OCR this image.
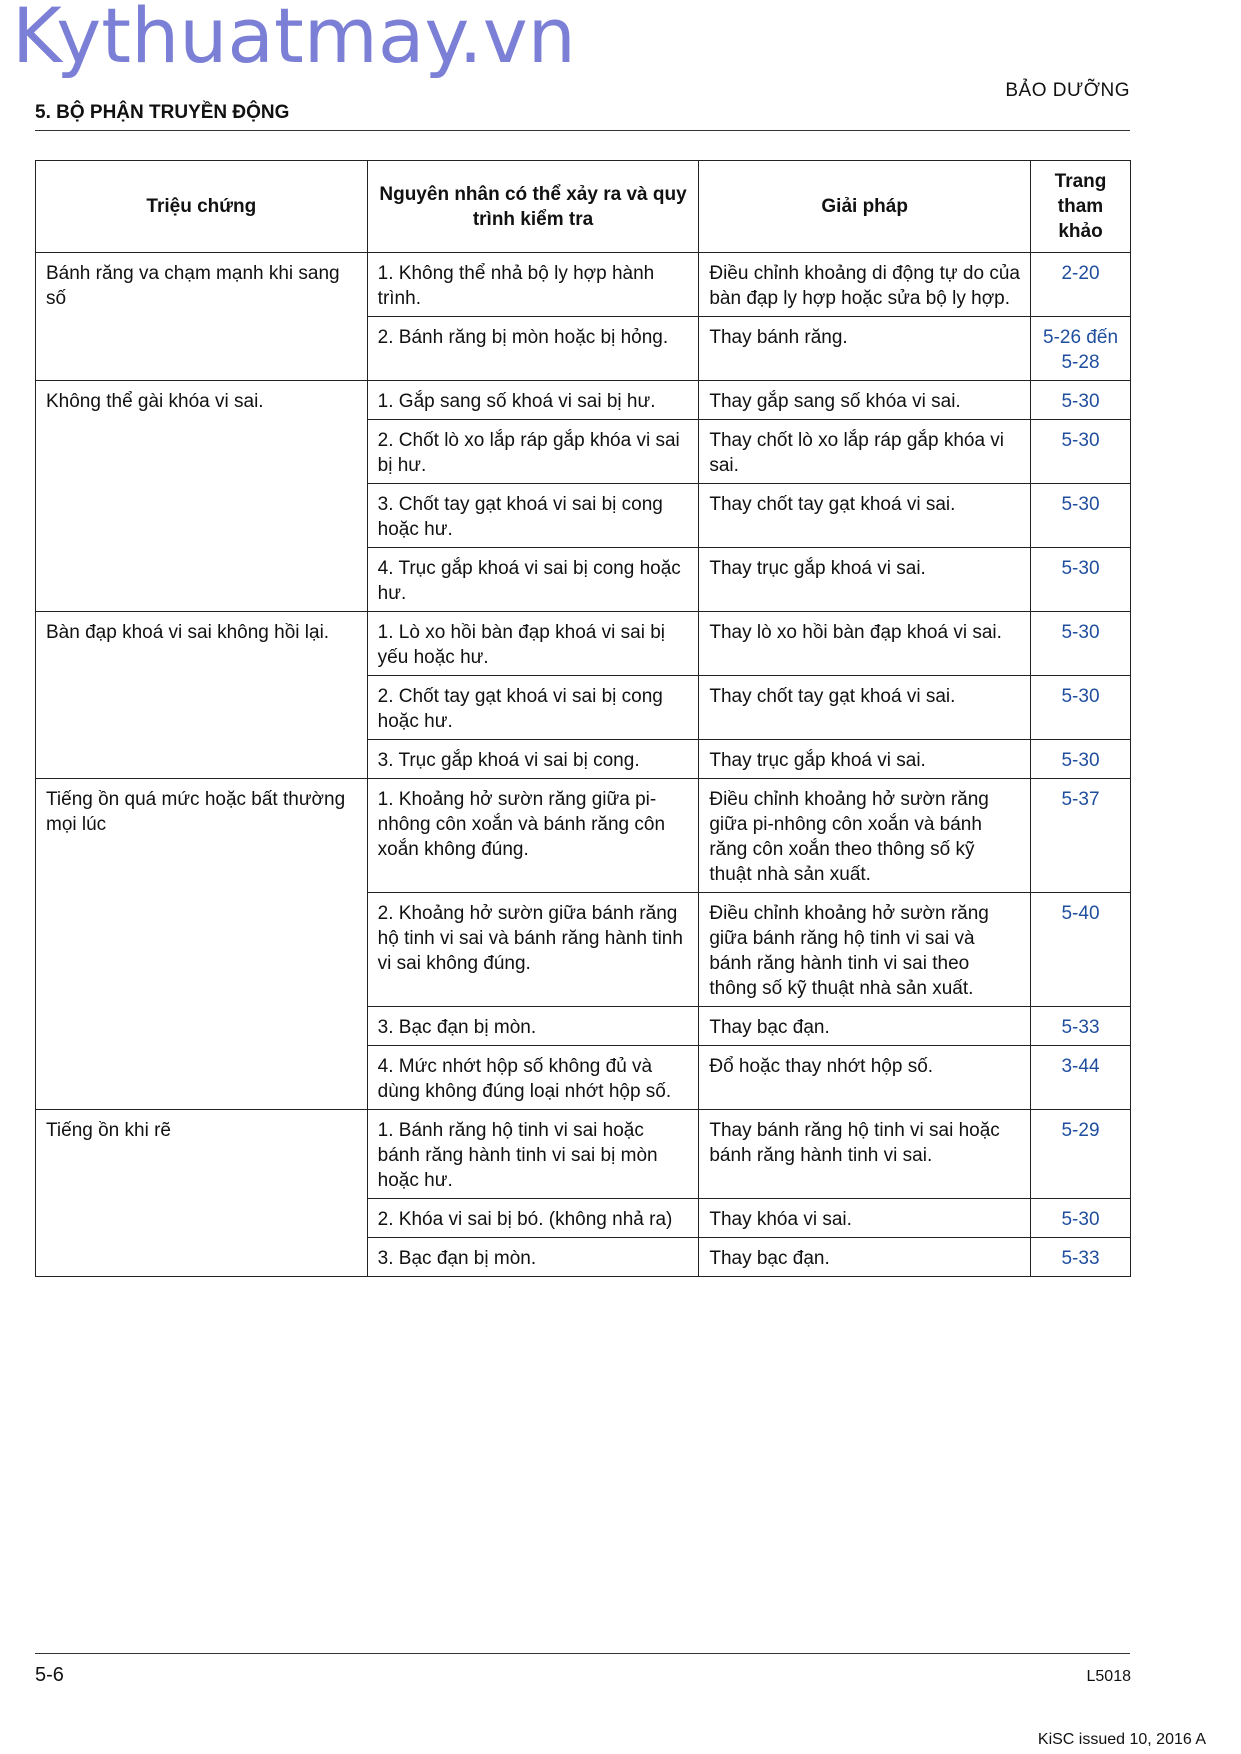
Kythuatmay.vn
BẢO DƯỠNG
5. BỘ PHẬN TRUYỀN ĐỘNG
Triệu chứng	Nguyên nhân có thể xảy ra và quy trình kiểm tra	Giải pháp	Trang tham khảo
Bánh răng va chạm mạnh khi sang số	1. Không thể nhả bộ ly hợp hành trình.	Điều chỉnh khoảng di động tự do của bàn đạp ly hợp hoặc sửa bộ ly hợp.	2-20
	2. Bánh răng bị mòn hoặc bị hỏng.	Thay bánh răng.	5-26 đến 5-28
Không thể gài khóa vi sai.	1. Gắp sang số khoá vi sai bị hư.	Thay gắp sang số khóa vi sai.	5-30
	2. Chốt lò xo lắp ráp gắp khóa vi sai bị hư.	Thay chốt lò xo lắp ráp gắp khóa vi sai.	5-30
	3. Chốt tay gạt khoá vi sai bị cong hoặc hư.	Thay chốt tay gạt khoá vi sai.	5-30
	4. Trục gắp khoá vi sai bị cong hoặc hư.	Thay trục gắp khoá vi sai.	5-30
Bàn đạp khoá vi sai không hồi lại.	1. Lò xo hồi bàn đạp khoá vi sai bị yếu hoặc hư.	Thay lò xo hồi bàn đạp khoá vi sai.	5-30
	2. Chốt tay gạt khoá vi sai bị cong hoặc hư.	Thay chốt tay gạt khoá vi sai.	5-30
	3. Trục gắp khoá vi sai bị cong.	Thay trục gắp khoá vi sai.	5-30
Tiếng ồn quá mức hoặc bất thường mọi lúc	1. Khoảng hở sườn răng giữa pi-nhông côn xoắn và bánh răng côn xoắn không đúng.	Điều chỉnh khoảng hở sườn răng giữa pi-nhông côn xoắn và bánh răng côn xoắn theo thông số kỹ thuật nhà sản xuất.	5-37
	2. Khoảng hở sườn giữa bánh răng hộ tinh vi sai và bánh răng hành tinh vi sai không đúng.	Điều chỉnh khoảng hở sườn răng giữa bánh răng hộ tinh vi sai và bánh răng hành tinh vi sai theo thông số kỹ thuật nhà sản xuất.	5-40
	3. Bạc đạn bị mòn.	Thay bạc đạn.	5-33
	4. Mức nhớt hộp số không đủ và dùng không đúng loại nhớt hộp số.	Đổ hoặc thay nhớt hộp số.	3-44
Tiếng ồn khi rẽ	1. Bánh răng hộ tinh vi sai hoặc bánh răng hành tinh vi sai bị mòn hoặc hư.	Thay bánh răng hộ tinh vi sai hoặc bánh răng hành tinh vi sai.	5-29
	2. Khóa vi sai bị bó. (không nhả ra)	Thay khóa vi sai.	5-30
	3. Bạc đạn bị mòn.	Thay bạc đạn.	5-33
5-6	L5018
KiSC issued 10, 2016 A
